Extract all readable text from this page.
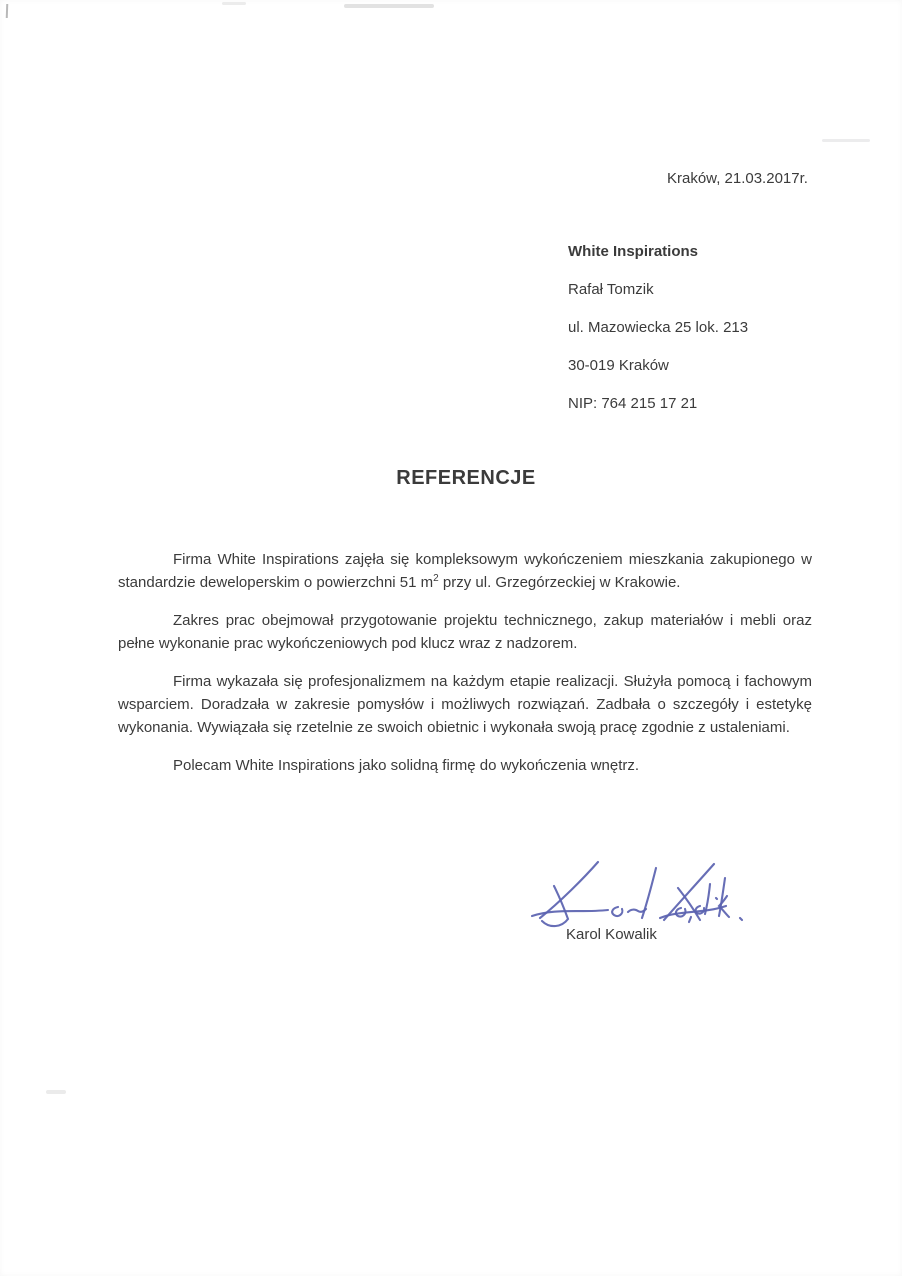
Kraków, 21.03.2017r.

White Inspirations

Rafał Tomzik

ul. Mazowiecka 25 lok. 213

30-019 Kraków

NIP: 764 215 17 21

REFERENCJE

Firma White Inspirations zajęła się kompleksowym wykończeniem mieszkania zakupionego w standardzie deweloperskim o powierzchni 51 $m^2$ przy ul. Grzegórzeckiej w Krakowie.

Zakres prac obejmował przygotowanie projektu technicznego, zakup materiałów i mebli oraz pełne wykonanie prac wykończeniowych pod klucz wraz z nadzorem.

Firma wykazała się profesjonalizmem na każdym etapie realizacji. Służyła pomocą i fachowym wsparciem. Doradzała w zakresie pomysłów i możliwych rozwiązań. Zadbała o szczegóły i estetykę wykonania. Wywiązała się rzetelnie ze swoich obietnic i wykonała swoją pracę zgodnie z ustaleniami.

Polecam White Inspirations jako solidną firmę do wykończenia wnętrz.

Karol Kowalik
